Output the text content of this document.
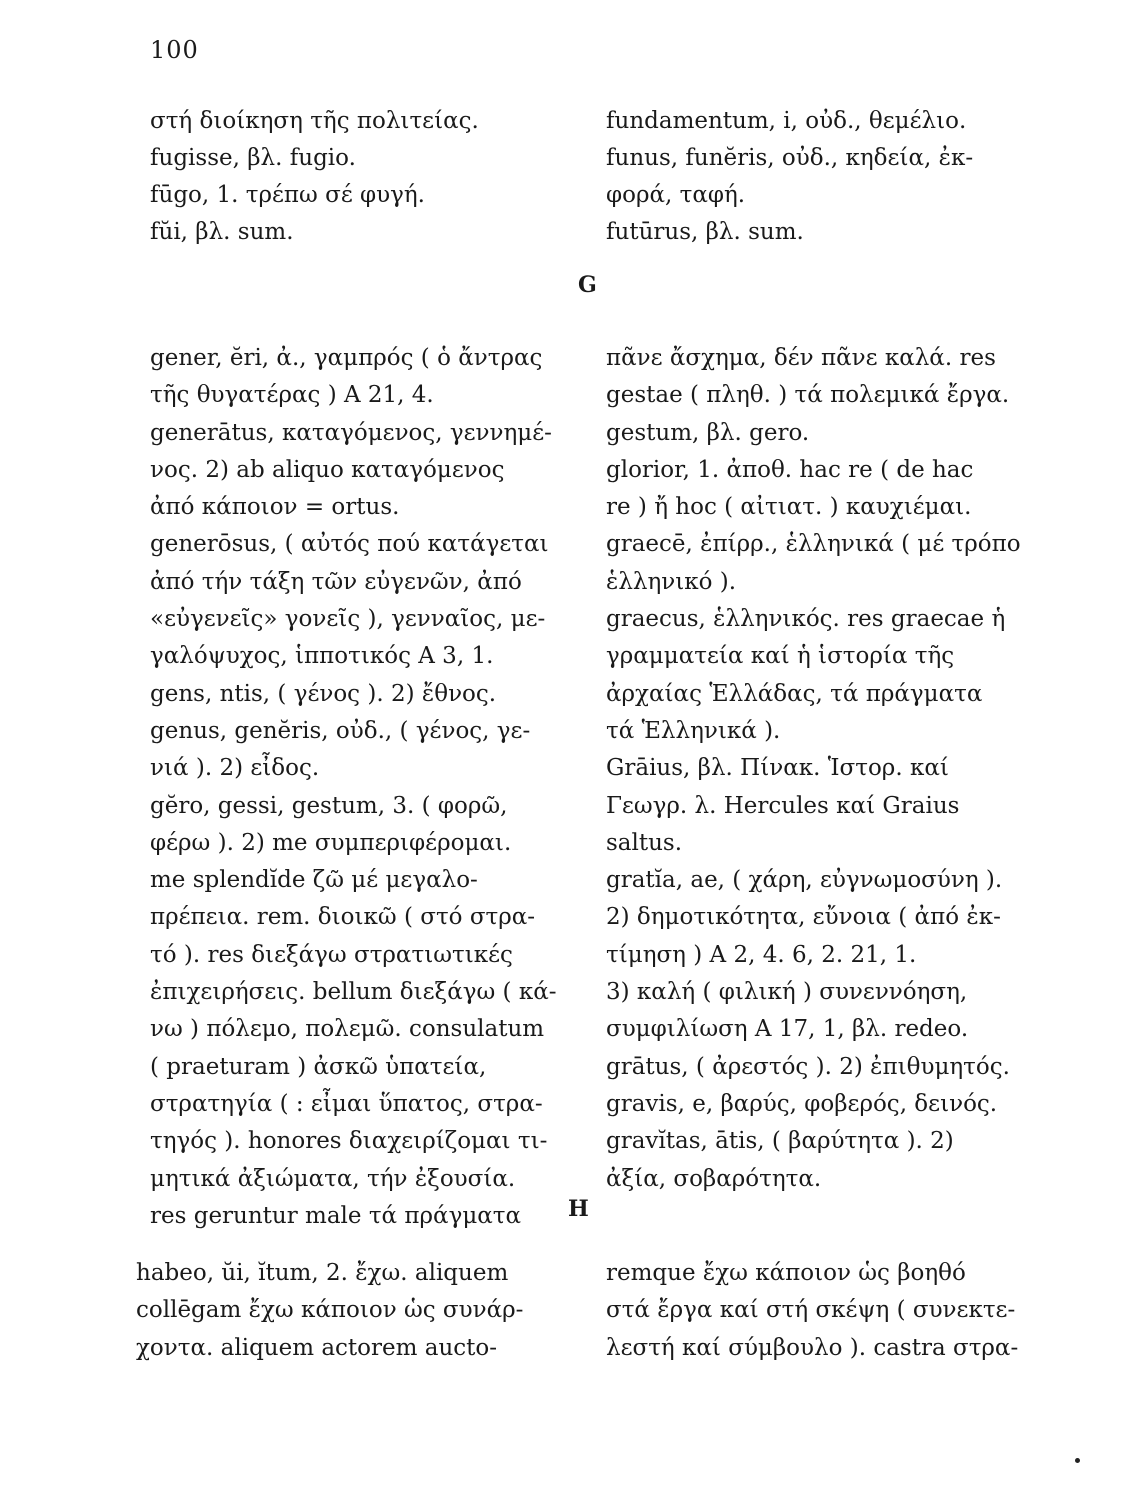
100
στή διοίκηση τῆς πολιτείας.
fugisse, βλ. fugio.
fūgo, 1. τρέπω σέ φυγή.
fŭi, βλ. sum.
fundamentum, i, οὐδ., θεμέλιο.
funus, funĕris, οὐδ., κηδεία, ἐκ-
φορά, ταφή.
futūrus, βλ. sum.
G
gener, ĕri, ἀ., γαμπρός ( ὁ ἄντρας
τῆς θυγατέρας ) Α 21, 4.
generātus, καταγόμενος, γεννημέ-
νος. 2) ab aliquo καταγόμενος
ἀπό κάποιον = ortus.
generōsus, ( αὐτός πού κατάγεται
ἀπό τήν τάξη τῶν εὐγενῶν, ἀπό
«εὐγενεῖς» γονεῖς ), γενναῖος, με-
γαλόψυχος, ἱπποτικός Α 3, 1.
gens, ntis, ( γένος ). 2) ἔθνος.
genus, genĕris, οὐδ., ( γένος, γε-
νιά ). 2) εἶδος.
gĕro, gessi, gestum, 3. ( φορῶ,
φέρω ). 2) me συμπεριφέρομαι.
me splendĭde ζῶ μέ μεγαλο-
πρέπεια. rem. διοικῶ ( στό στρα-
τό ). res διεξάγω στρατιωτικές
ἐπιχειρήσεις. bellum διεξάγω ( κά-
νω ) πόλεμο, πολεμῶ. consulatum
( praeturam ) ἀσκῶ ὑπατεία,
στρατηγία ( : εἶμαι ὕπατος, στρα-
τηγός ). honores διαχειρίζομαι τι-
μητικά ἀξιώματα, τήν ἐξουσία.
res geruntur male τά πράγματα
πᾶνε ἄσχημα, δέν πᾶνε καλά. res
gestae ( πληθ. ) τά πολεμικά ἔργα.
gestum, βλ. gero.
glorior, 1. ἀποθ. hac re ( de hac
re ) ἤ hoc ( αἰτιατ. ) καυχιέμαι.
graecē, ἐπίρρ., ἑλληνικά ( μέ τρόπο
ἑλληνικό ).
graecus, ἑλληνικός. res graecae ἡ
γραμματεία καί ἡ ἱστορία τῆς
ἀρχαίας Ἑλλάδας, τά πράγματα
τά Ἑλληνικά ).
Grāius, βλ. Πίνακ. Ἱστορ. καί
Γεωγρ. λ. Hercules καί Graius
saltus.
gratĭa, ae, ( χάρη, εὐγνωμοσύνη ).
2) δημοτικότητα, εὔνοια ( ἀπό ἐκ-
τίμηση ) Α 2, 4. 6, 2. 21, 1.
3) καλή ( φιλική ) συνεννόηση,
συμφιλίωση Α 17, 1, βλ. redeo.
grātus, ( ἀρεστός ). 2) ἐπιθυμητός.
gravis, e, βαρύς, φοβερός, δεινός.
gravĭtas, ātis, ( βαρύτητα ). 2)
ἀξία, σοβαρότητα.
H
habeo, ŭi, ĭtum, 2. ἔχω. aliquem
collēgam ἔχω κάποιον ὡς συνάρ-
χοντα. aliquem actorem aucto-
remque ἔχω κάποιον ὡς βοηθό
στά ἔργα καί στή σκέψη ( συνεκτε-
λεστή καί σύμβουλο ). castra στρα-
